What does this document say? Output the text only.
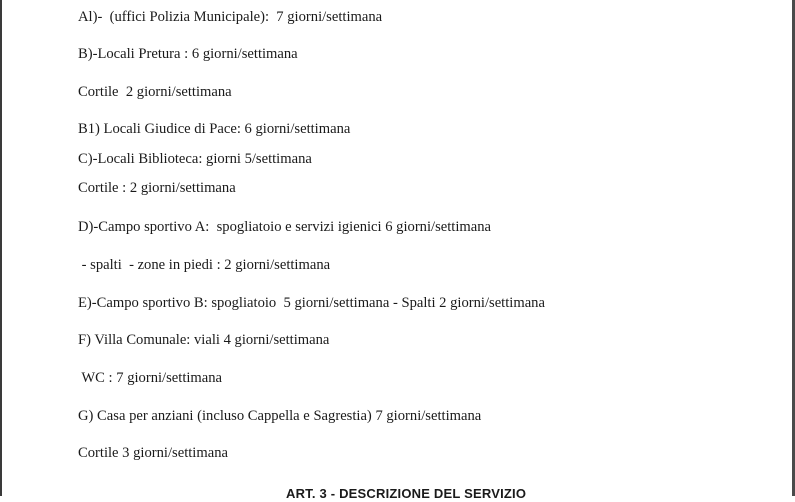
Al)-  (uffici Polizia Municipale):  7 giorni/settimana
B)-Locali Pretura : 6 giorni/settimana
Cortile  2 giorni/settimana
B1) Locali Giudice di Pace: 6 giorni/settimana
C)-Locali Biblioteca: giorni 5/settimana
Cortile : 2 giorni/settimana
D)-Campo sportivo A:  spogliatoio e servizi igienici 6 giorni/settimana
- spalti  - zone in piedi : 2 giorni/settimana
E)-Campo sportivo B: spogliatoio  5 giorni/settimana - Spalti 2 giorni/settimana
F) Villa Comunale: viali 4 giorni/settimana
WC : 7 giorni/settimana
G) Casa per anziani (incluso Cappella e Sagrestia) 7 giorni/settimana
Cortile 3 giorni/settimana
ART. 3 - DESCRIZIONE DEL SERVIZIO
